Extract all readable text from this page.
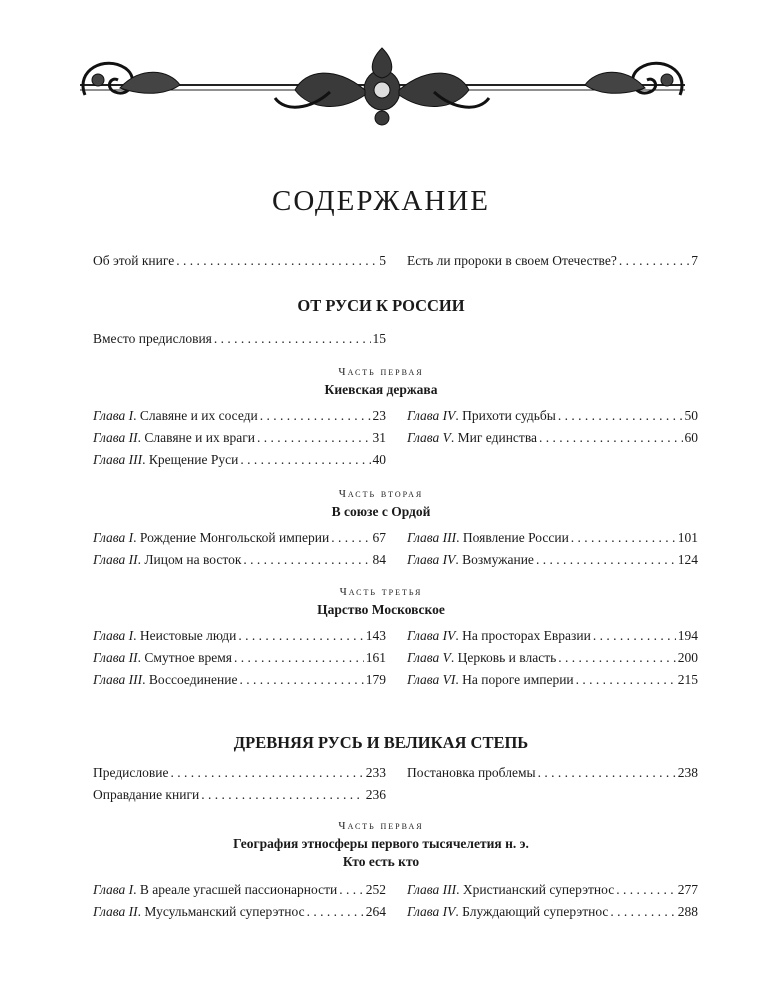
СОДЕРЖАНИЕ
Об этой книге . . .	5 Есть ли пророки в своем Отечестве? . . .	7
ОТ РУСИ К РОССИИ
Вместо предисловия . . .	15
Часть первая
Киевская держава
Глава I. Славяне и их соседи . . .	23 Глава IV. Прихоти судьбы . . .	50
Глава II. Славяне и их враги . . .	31 Глава V. Миг единства . . .	60
Глава III. Крещение Руси . . .	40
Часть вторая
В союзе с Ордой
Глава I. Рождение Монгольской империи . . .	67 Глава III. Появление России . . .	101
Глава II. Лицом на восток . . .	84 Глава IV. Возмужание . . .	124
Часть третья
Царство Московское
Глава I. Неистовые люди . . .	143 Глава IV. На просторах Евразии . . .	194
Глава II. Смутное время . . .	161 Глава V. Церковь и власть . . .	200
Глава III. Воссоединение . . .	179 Глава VI. На пороге империи . . .	215
ДРЕВНЯЯ РУСЬ И ВЕЛИКАЯ СТЕПЬ
Предисловие . . .	233 Постановка проблемы . . .	238
Оправдание книги . . .	236
Часть первая
География этносферы первого тысячелетия н. э.
Кто есть кто
Глава I. В ареале угасшей пассионарности . . . 252 Глава III. Христианский суперэтнос . . .	277
Глава II. Мусульманский суперэтнос . . .	264 Глава IV. Блуждающий суперэтнос . . .	288
